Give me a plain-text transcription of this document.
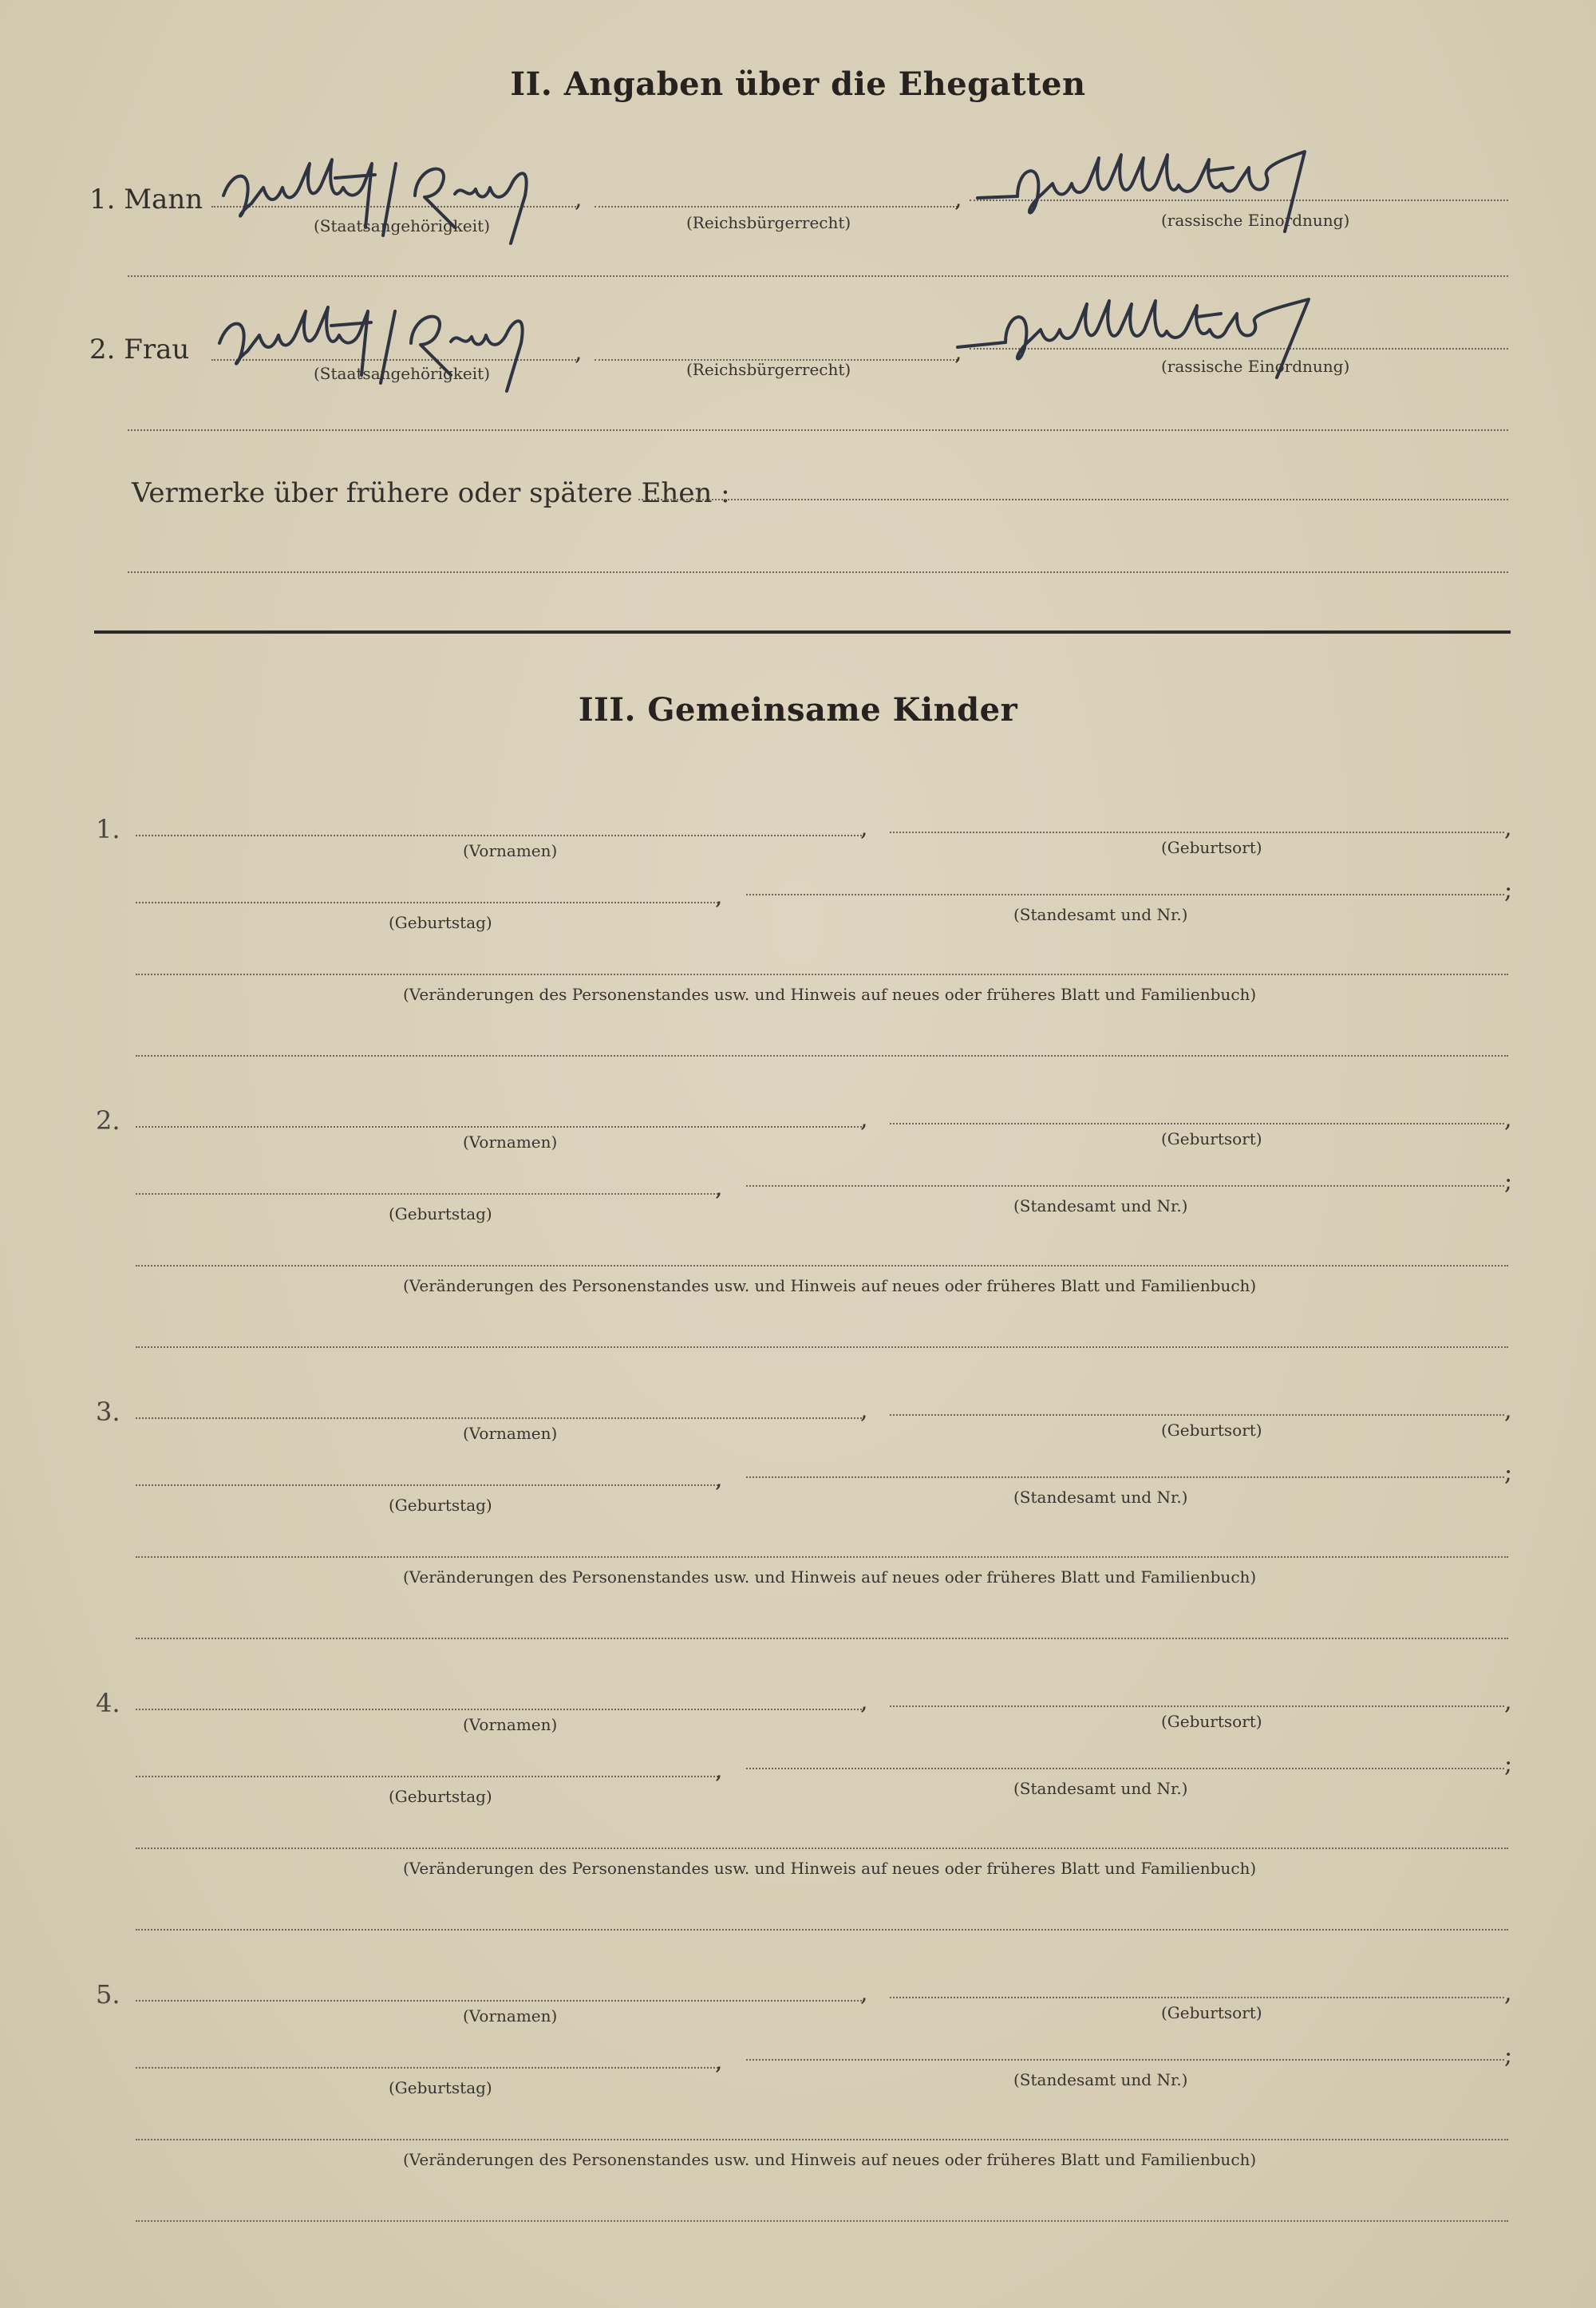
II. Angaben über die Ehegatten
1. Mann	,	,
(Staatsangehörigkeit)	(Reichsbürgerrecht)	(rassische Einordnung)
2. Frau	,	,
(Staatsangehörigkeit)	(Reichsbürgerrecht)	(rassische Einordnung)
Vermerke über frühere oder spätere Ehen :
III. Gemeinsame Kinder
1.	,	,
(Vornamen)	(Geburtsort)
,	;
(Geburtstag)	(Standesamt und Nr.)
(Veränderungen des Personenstandes usw. und Hinweis auf neues oder früheres Blatt und Familienbuch)
2.	,	,
(Vornamen)	(Geburtsort)
,	;
(Geburtstag)	(Standesamt und Nr.)
(Veränderungen des Personenstandes usw. und Hinweis auf neues oder früheres Blatt und Familienbuch)
3.	,	,
(Vornamen)	(Geburtsort)
,	;
(Geburtstag)	(Standesamt und Nr.)
(Veränderungen des Personenstandes usw. und Hinweis auf neues oder früheres Blatt und Familienbuch)
4.	,	,
(Vornamen)	(Geburtsort)
,	;
(Geburtstag)	(Standesamt und Nr.)
(Veränderungen des Personenstandes usw. und Hinweis auf neues oder früheres Blatt und Familienbuch)
5.	,	,
(Vornamen)	(Geburtsort)
,	;
(Geburtstag)	(Standesamt und Nr.)
(Veränderungen des Personenstandes usw. und Hinweis auf neues oder früheres Blatt und Familienbuch)
